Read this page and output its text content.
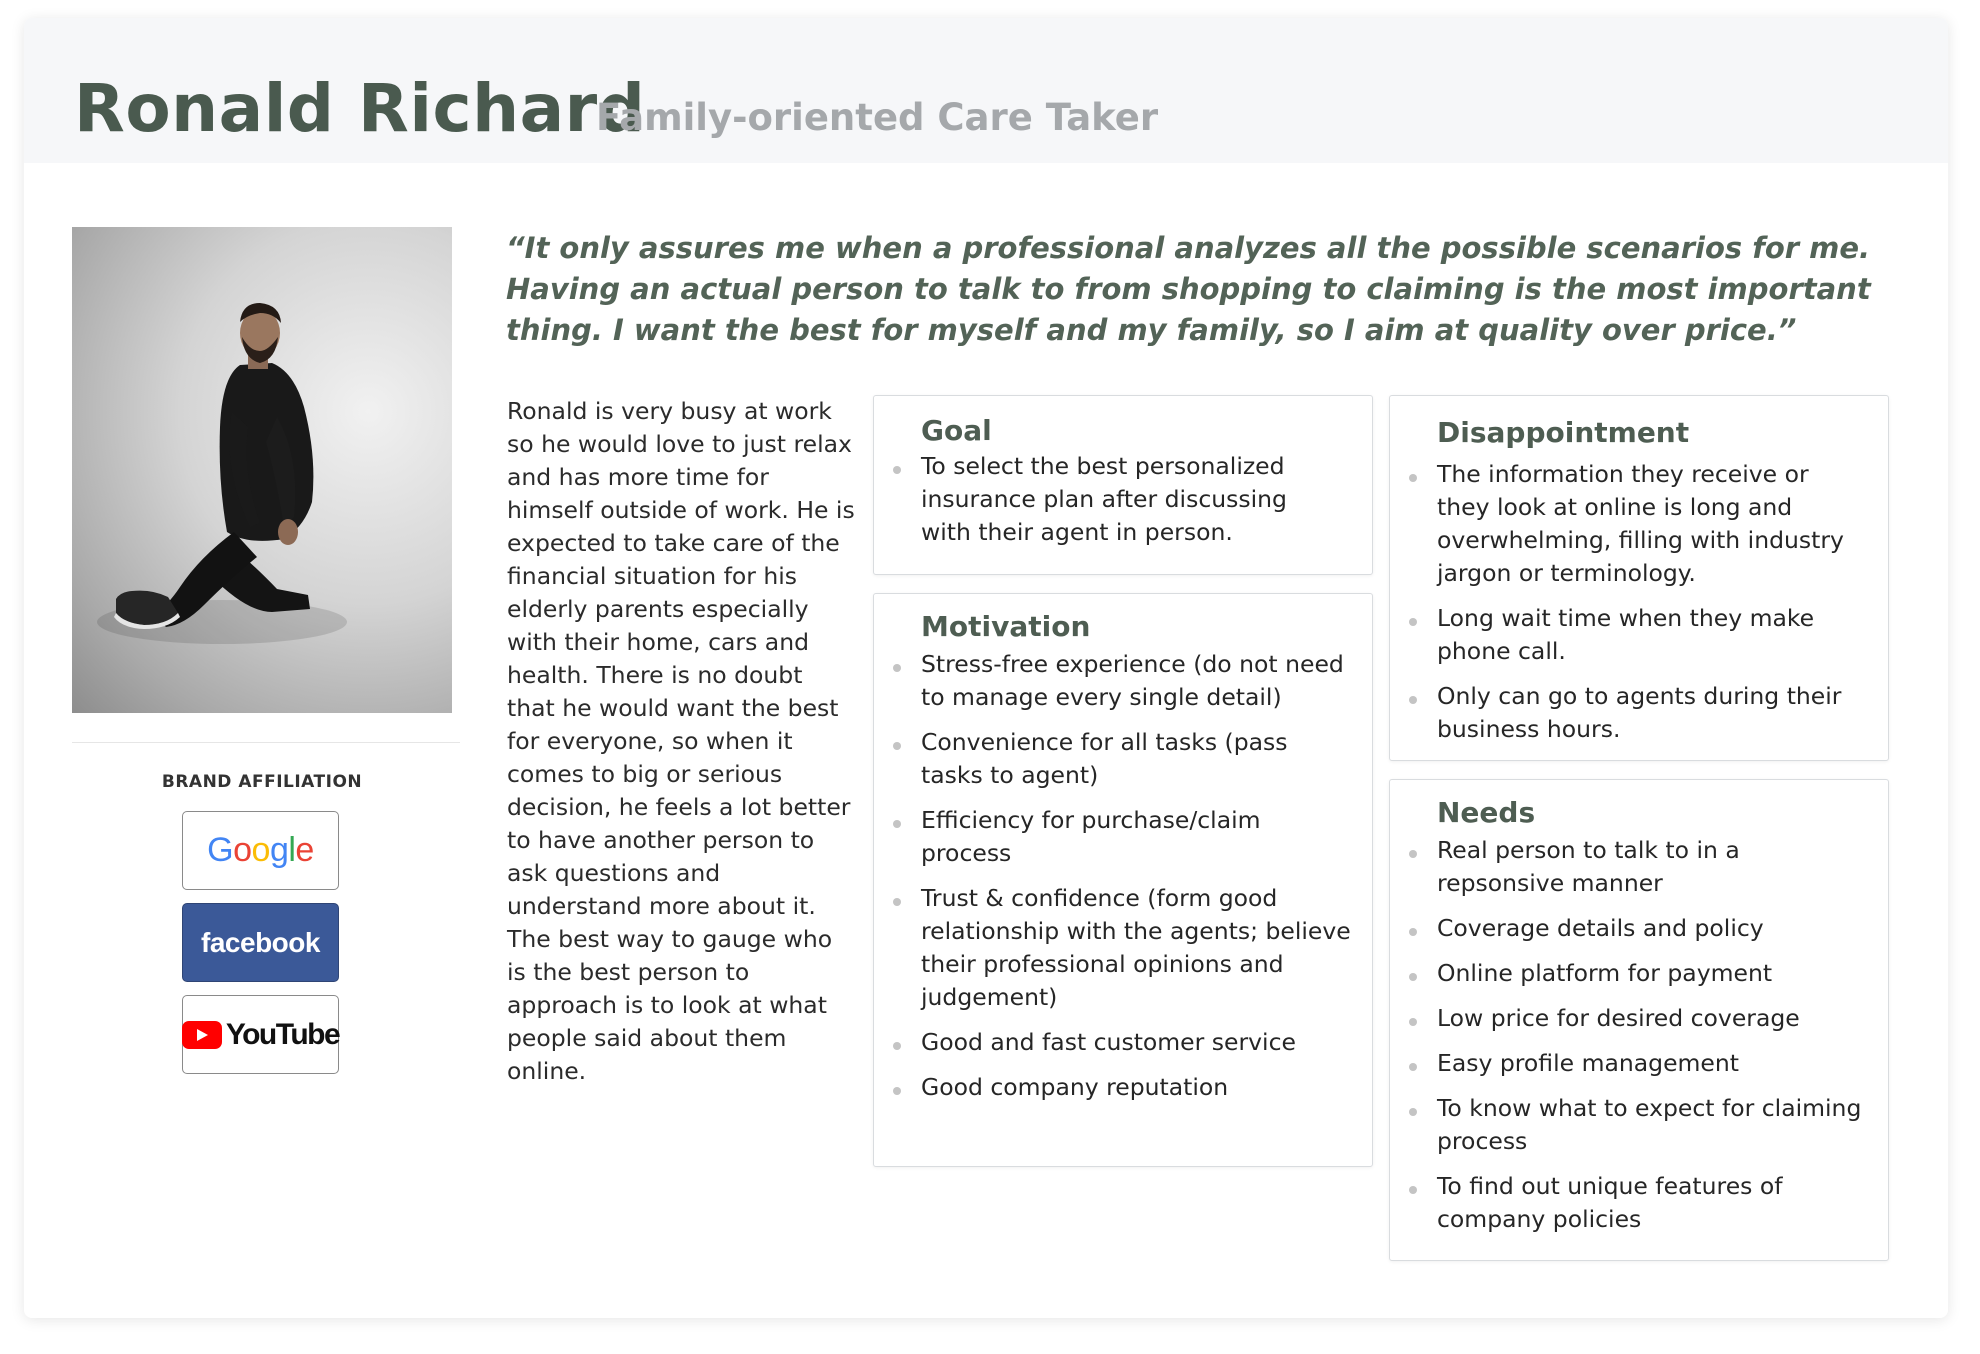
Ronald Richard
Family-oriented Care Taker
BRAND AFFILIATION
Google
facebook
YouTube
“It only assures me when a professional analyzes all the possible scenarios for me. Having an actual person to talk to from shopping to claiming is the most important thing. I want the best for myself and my family, so I aim at quality over price.”
Ronald is very busy at work so he would love to just relax and has more time for himself outside of work. He is expected to take care of the financial situation for his elderly parents especially with their home, cars and health. There is no doubt that he would want the best for everyone, so when it comes to big or serious decision, he feels a lot better to have another person to ask questions and understand more about it. The best way to gauge who is the best person to approach is to look at what people said about them online.
Goal
To select the best personalized insurance plan after discussing with their agent in person.
Motivation
Stress-free experience (do not need to manage every single detail)
Convenience for all tasks (pass tasks to agent)
Efficiency for purchase/claim process
Trust & confidence (form good relationship with the agents; believe their professional opinions and judgement)
Good and fast customer service
Good company reputation
Disappointment
The information they receive or they look at online is long and overwhelming, filling with industry jargon or terminology.
Long wait time when they make phone call.
Only can go to agents during their business hours.
Needs
Real person to talk to in a repsonsive manner
Coverage details and policy
Online platform for payment
Low price for desired coverage
Easy profile management
To know what to expect for claiming process
To find out unique features of company policies
